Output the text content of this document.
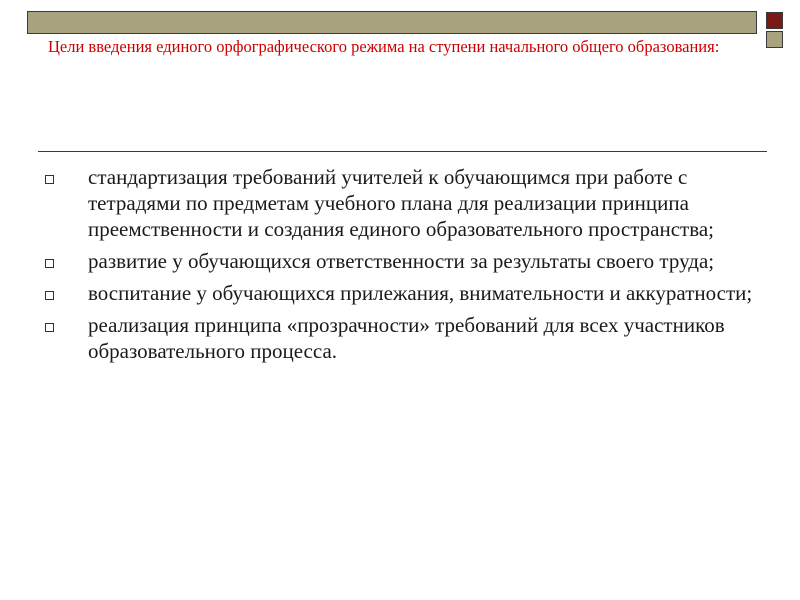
Цели введения единого орфографического режима на ступени начального общего образования:
стандартизация требований учителей к обучающимся при работе с тетрадями по предметам учебного плана для реализации принципа преемственности и создания единого образовательного пространства;
развитие у обучающихся ответственности за результаты своего труда;
воспитание у обучающихся прилежания, внимательности и аккуратности;
реализация принципа «прозрачности» требований для всех участников образовательного процесса.
